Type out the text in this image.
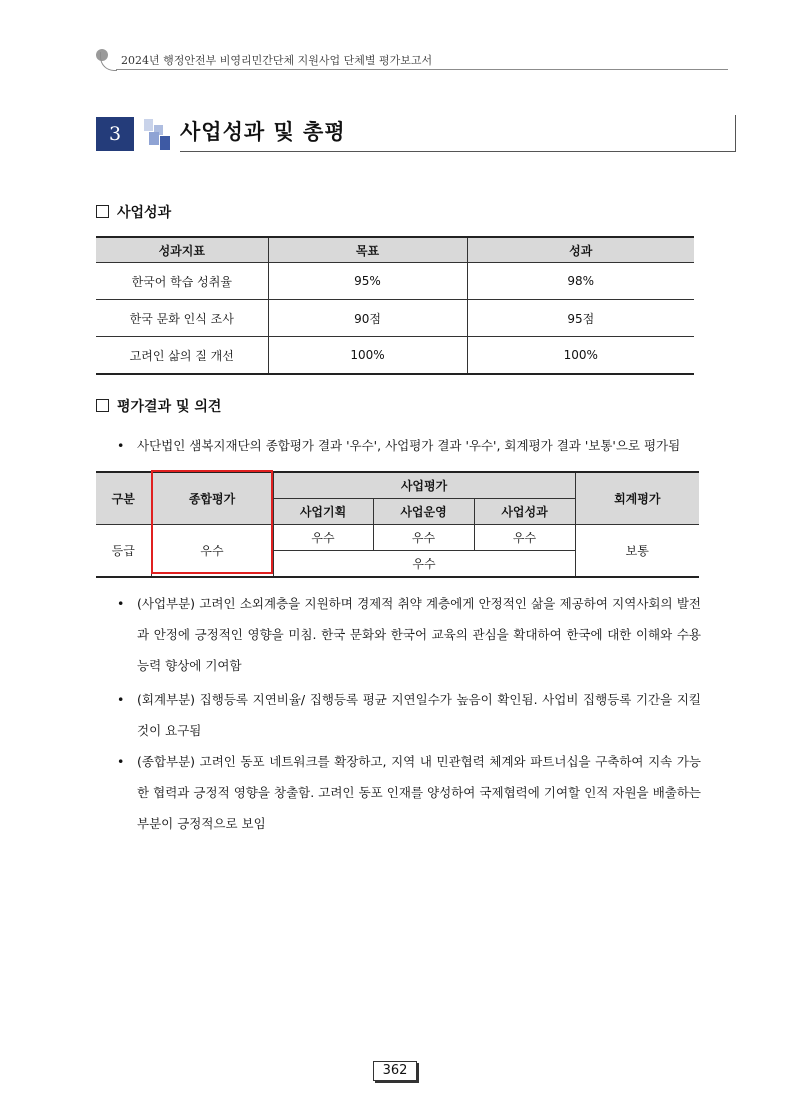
2024년 행정안전부 비영리민간단체 지원사업 단체별 평가보고서
3	사업성과 및 총평
사업성과
성과지표	목표	성과
한국어 학습 성취율	95%	98%
한국 문화 인식 조사	90점	95점
고려인 삶의 질 개선	100%	100%
평가결과 및 의견
• 사단법인 샘복지재단의 종합평가 결과 '우수', 사업평가 결과 '우수', 회계평가 결과 '보통'으로 평가됨
구분	종합평가	사업평가			회계평가
		사업기획	사업운영	사업성과	
등급	우수	우수	우수	우수	보통
		우수			
• (사업부분) 고려인 소외계층을 지원하며 경제적 취약 계층에게 안정적인 삶을 제공하여 지역사회의 발전과 안정에 긍정적인 영향을 미침. 한국 문화와 한국어 교육의 관심을 확대하여 한국에 대한 이해와 수용 능력 향상에 기여함
• (회계부분) 집행등록 지연비율/ 집행등록 평균 지연일수가 높음이 확인됨. 사업비 집행등록 기간을 지킬 것이 요구됨
• (종합부분) 고려인 동포 네트워크를 확장하고, 지역 내 민관협력 체계와 파트너십을 구축하여 지속 가능한 협력과 긍정적 영향을 창출함. 고려인 동포 인재를 양성하여 국제협력에 기여할 인적 자원을 배출하는 부분이 긍정적으로 보임
362
